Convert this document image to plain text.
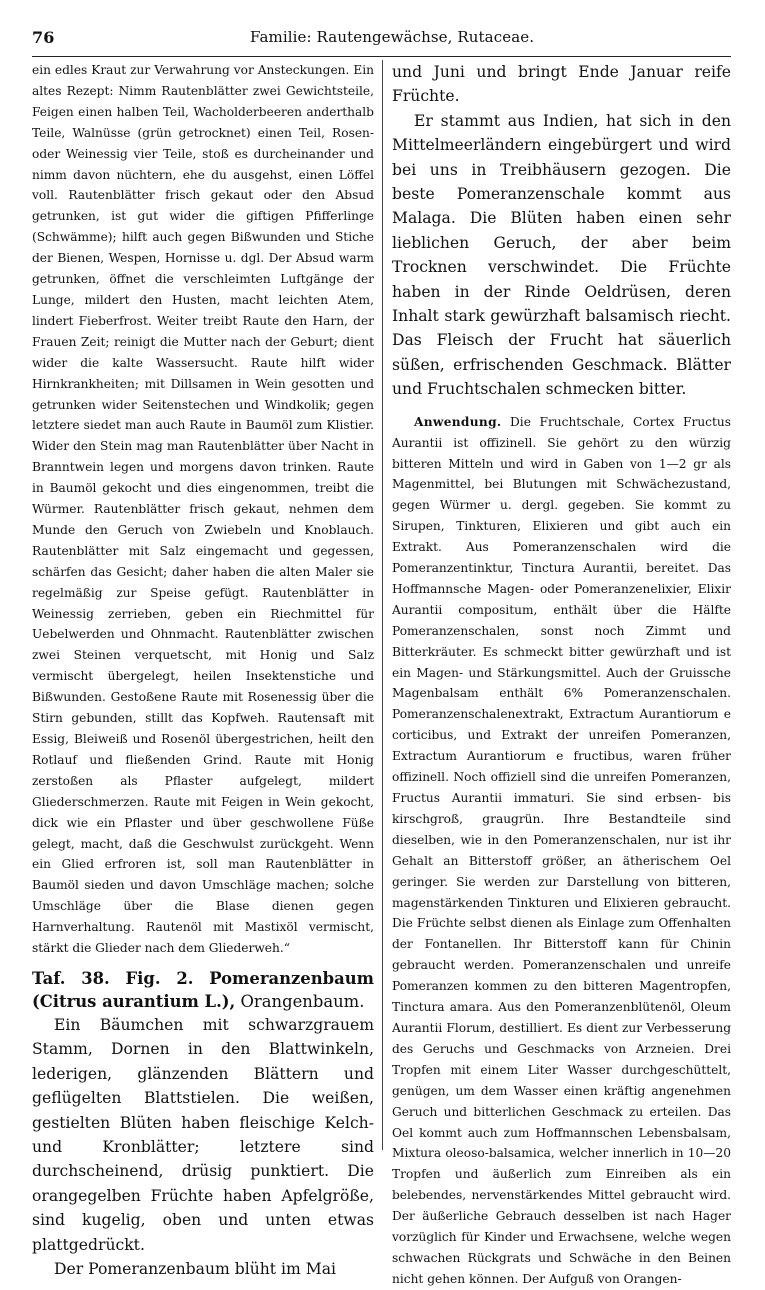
76	Familie: Rautengewächse, Rutaceae.

ein edles Kraut zur Verwahrung vor Ansteckungen. Ein altes Rezept: Nimm Rautenblätter zwei Gewichtsteile, Feigen einen halben Teil, Wacholderbeeren anderthalb Teile, Walnüsse (grün getrocknet) einen Teil, Rosen- oder Weinessig vier Teile, stoß es durcheinander und nimm davon nüchtern, ehe du ausgehst, einen Löffel voll. Rautenblätter frisch gekaut oder den Absud getrunken, ist gut wider die giftigen Pfifferlinge (Schwämme); hilft auch gegen Bißwunden und Stiche der Bienen, Wespen, Hornisse u. dgl. Der Absud warm getrunken, öffnet die verschleimten Luftgänge der Lunge, mildert den Husten, macht leichten Atem, lindert Fieberfrost. Weiter treibt Raute den Harn, der Frauen Zeit; reinigt die Mutter nach der Geburt; dient wider die kalte Wassersucht. Raute hilft wider Hirnkrankheiten; mit Dillsamen in Wein gesotten und getrunken wider Seitenstechen und Windkolik; gegen letztere siedet man auch Raute in Baumöl zum Klistier. Wider den Stein mag man Rautenblätter über Nacht in Branntwein legen und morgens davon trinken. Raute in Baumöl gekocht und dies eingenommen, treibt die Würmer. Rautenblätter frisch gekaut, nehmen dem Munde den Geruch von Zwiebeln und Knoblauch. Rautenblätter mit Salz eingemacht und gegessen, schärfen das Gesicht; daher haben die alten Maler sie regelmäßig zur Speise gefügt. Rautenblätter in Weinessig zerrieben, geben ein Riechmittel für Uebelwerden und Ohnmacht. Rautenblätter zwischen zwei Steinen verquetscht, mit Honig und Salz vermischt übergelegt, heilen Insektenstiche und Bißwunden. Gestoßene Raute mit Rosenessig über die Stirn gebunden, stillt das Kopfweh. Rautensaft mit Essig, Bleiweiß und Rosenöl übergestrichen, heilt den Rotlauf und fließenden Grind. Raute mit Honig zerstoßen als Pflaster aufgelegt, mildert Gliederschmerzen. Raute mit Feigen in Wein gekocht, dick wie ein Pflaster und über geschwollene Füße gelegt, macht, daß die Geschwulst zurückgeht. Wenn ein Glied erfroren ist, soll man Rautenblätter in Baumöl sieden und davon Umschläge machen; solche Umschläge über die Blase dienen gegen Harnverhaltung. Rautenöl mit Mastixöl vermischt, stärkt die Glieder nach dem Gliederweh.“

Taf. 38. Fig. 2. Pomeranzenbaum (Citrus aurantium L.), Orangenbaum.

Ein Bäumchen mit schwarzgrauem Stamm, Dornen in den Blattwinkeln, lederigen, glänzenden Blättern und geflügelten Blattstielen. Die weißen, gestielten Blüten haben fleischige Kelch- und Kronblätter; letztere sind durchscheinend, drüsig punktiert. Die orangegelben Früchte haben Apfelgröße, sind kugelig, oben und unten etwas plattgedrückt.

Der Pomeranzenbaum blüht im Mai

und Juni und bringt Ende Januar reife Früchte.

Er stammt aus Indien, hat sich in den Mittelmeerländern eingebürgert und wird bei uns in Treibhäusern gezogen. Die beste Pomeranzenschale kommt aus Malaga. Die Blüten haben einen sehr lieblichen Geruch, der aber beim Trocknen verschwindet. Die Früchte haben in der Rinde Oeldrüsen, deren Inhalt stark gewürzhaft balsamisch riecht. Das Fleisch der Frucht hat säuerlich süßen, erfrischenden Geschmack. Blätter und Fruchtschalen schmecken bitter.

Anwendung. Die Fruchtschale, Cortex Fructus Aurantii ist offizinell. Sie gehört zu den würzig bitteren Mitteln und wird in Gaben von 1—2 gr als Magenmittel, bei Blutungen mit Schwächezustand, gegen Würmer u. dergl. gegeben. Sie kommt zu Sirupen, Tinkturen, Elixieren und gibt auch ein Extrakt. Aus Pomeranzenschalen wird die Pomeranzentinktur, Tinctura Aurantii, bereitet. Das Hoffmannsche Magen- oder Pomeranzenelixier, Elixir Aurantii compositum, enthält über die Hälfte Pomeranzenschalen, sonst noch Zimmt und Bitterkräuter. Es schmeckt bitter gewürzhaft und ist ein Magen- und Stärkungsmittel. Auch der Gruissche Magenbalsam enthält 6% Pomeranzenschalen. Pomeranzenschalenextrakt, Extractum Aurantiorum e corticibus, und Extrakt der unreifen Pomeranzen, Extractum Aurantiorum e fructibus, waren früher offizinell. Noch offiziell sind die unreifen Pomeranzen, Fructus Aurantii immaturi. Sie sind erbsen- bis kirschgroß, graugrün. Ihre Bestandteile sind dieselben, wie in den Pomeranzenschalen, nur ist ihr Gehalt an Bitterstoff größer, an ätherischem Oel geringer. Sie werden zur Darstellung von bitteren, magenstärkenden Tinkturen und Elixieren gebraucht. Die Früchte selbst dienen als Einlage zum Offenhalten der Fontanellen. Ihr Bitterstoff kann für Chinin gebraucht werden. Pomeranzenschalen und unreife Pomeranzen kommen zu den bitteren Magentropfen, Tinctura amara. Aus den Pomeranzenblütenöl, Oleum Aurantii Florum, destilliert. Es dient zur Verbesserung des Geruchs und Geschmacks von Arzneien. Drei Tropfen mit einem Liter Wasser durchgeschüttelt, genügen, um dem Wasser einen kräftig angenehmen Geruch und bitterlichen Geschmack zu erteilen. Das Oel kommt auch zum Hoffmannschen Lebensbalsam, Mixtura oleoso-balsamica, welcher innerlich in 10—20 Tropfen und äußerlich zum Einreiben als ein belebendes, nervenstärkendes Mittel gebraucht wird. Der äußerliche Gebrauch desselben ist nach Hager vorzüglich für Kinder und Erwachsene, welche wegen schwachen Rückgrats und Schwäche in den Beinen nicht gehen können. Der Aufguß von Orangen-
